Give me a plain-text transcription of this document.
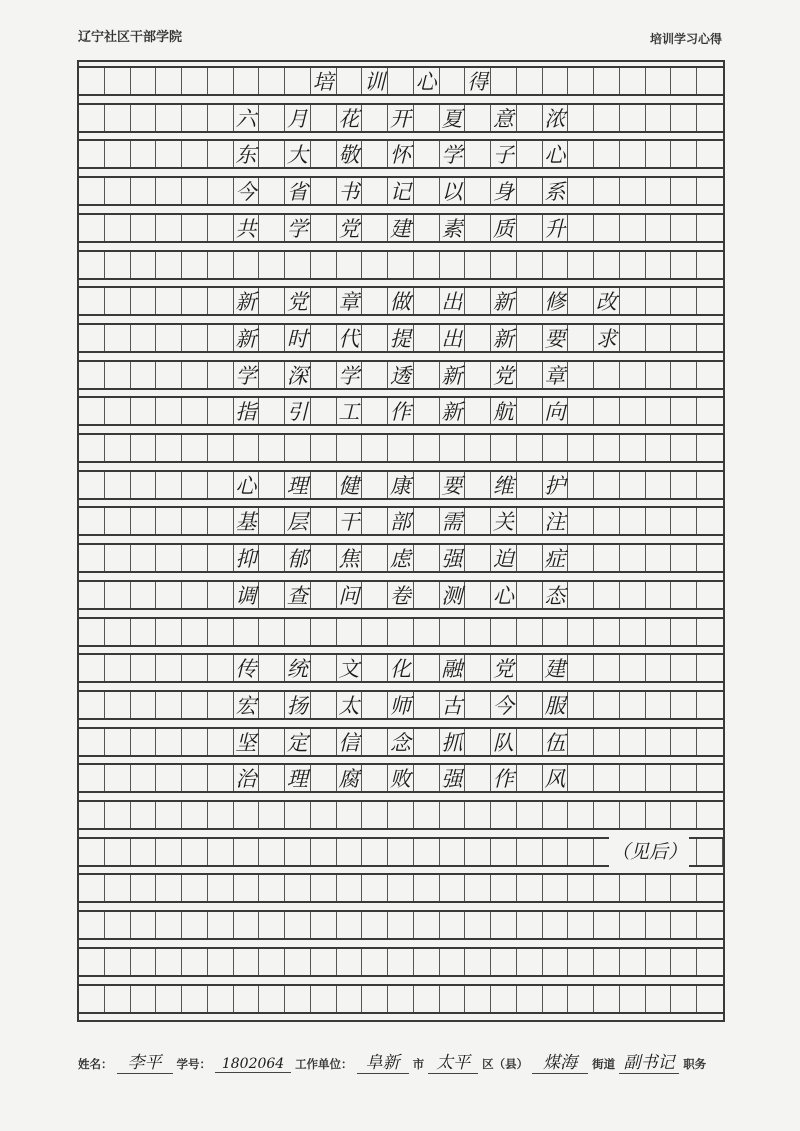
辽宁社区干部学院	培训学习心得
培 训 心 得
六 月 花 开 夏 意 浓
东 大 敬 怀 学 子 心
今 省 书 记 以 身 系
共 学 党 建 素 质 升
新 党 章 做 出 新 修 改
新 时 代 提 出 新 要 求
学 深 学 透 新 党 章
指 引 工 作 新 航 向
心 理 健 康 要 维 护
基 层 干 部 需 关 注
抑 郁 焦 虑 强 迫 症
调 查 问 卷 测 心 态
传 统 文 化 融 党 建
宏 扬 太 师 古 今 服
坚 定 信 念 抓 队 伍
治 理 腐 败 强 作 风
（见后）
姓名： 李平 学号： 1802064 工作单位： 阜新 市 太平 区（县） 煤海 街道 副书记 职务
